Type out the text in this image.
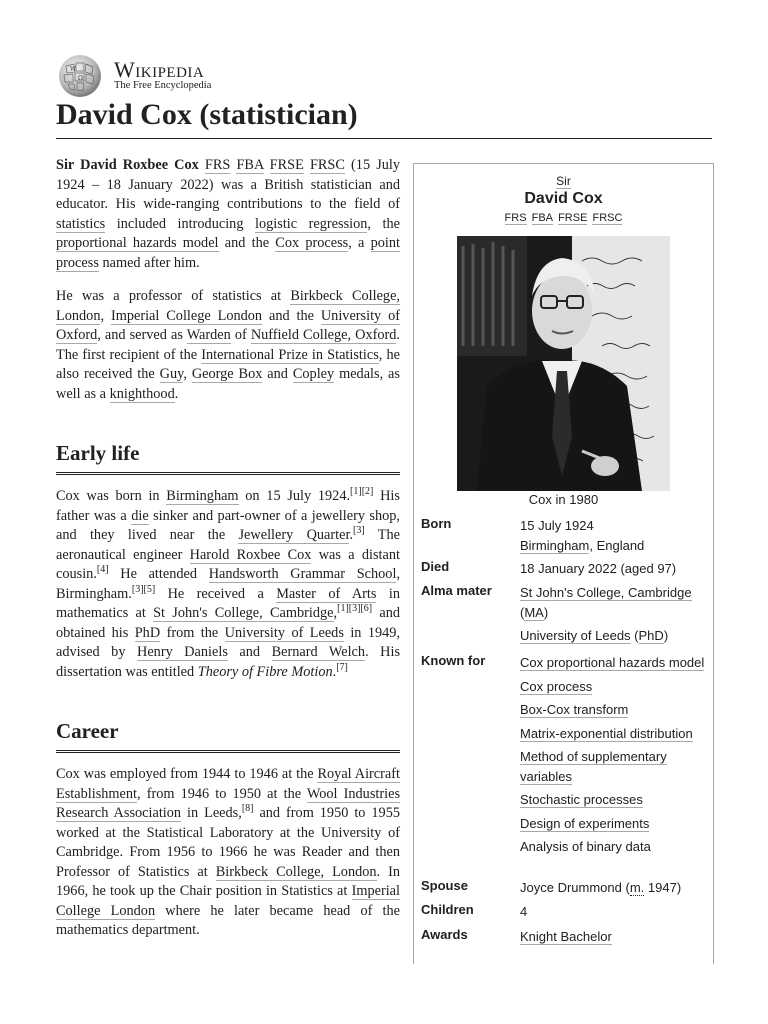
W
Ω Wikipedia
The Free Encyclopedia
David Cox (statistician)

Sir David Roxbee Cox FRS FBA FRSE FRSC (15 July 1924 – 18 January 2022) was a British statistician and educator. His wide-ranging contributions to the field of statistics included introducing logistic regression, the proportional hazards model and the Cox process, a point process named after him.

He was a professor of statistics at Birkbeck College, London, Imperial College London and the University of Oxford, and served as Warden of Nuffield College, Oxford. The first recipient of the International Prize in Statistics, he also received the Guy, George Box and Copley medals, as well as a knighthood.

Early life

Cox was born in Birmingham on 15 July 1924.[1][2] His father was a die sinker and part-owner of a jewellery shop, and they lived near the Jewellery Quarter.[3] The aeronautical engineer Harold Roxbee Cox was a distant cousin.[4] He attended Handsworth Grammar School, Birmingham.[3][5] He received a Master of Arts in mathematics at St John's College, Cambridge,[1][3][6] and obtained his PhD from the University of Leeds in 1949, advised by Henry Daniels and Bernard Welch. His dissertation was entitled Theory of Fibre Motion.[7]

Career

Cox was employed from 1944 to 1946 at the Royal Aircraft Establishment, from 1946 to 1950 at the Wool Industries Research Association in Leeds,[8] and from 1950 to 1955 worked at the Statistical Laboratory at the University of Cambridge. From 1956 to 1966 he was Reader and then Professor of Statistics at Birkbeck College, London. In 1966, he took up the Chair position in Statistics at Imperial College London where he later became head of the mathematics department.

Sir
David Cox
FRS FBA FRSE FRSC
Cox in 1980
Born	15 July 1924
Birmingham, England
Died	18 January 2022 (aged 97)
Alma mater	St John's College, Cambridge (MA)
University of Leeds (PhD)
Known for	Cox proportional hazards model
Cox process
Box-Cox transform
Matrix-exponential distribution
Method of supplementary variables
Stochastic processes
Design of experiments
Analysis of binary data
Spouse	Joyce Drummond (m. 1947)
Children	4
Awards	Knight Bachelor
